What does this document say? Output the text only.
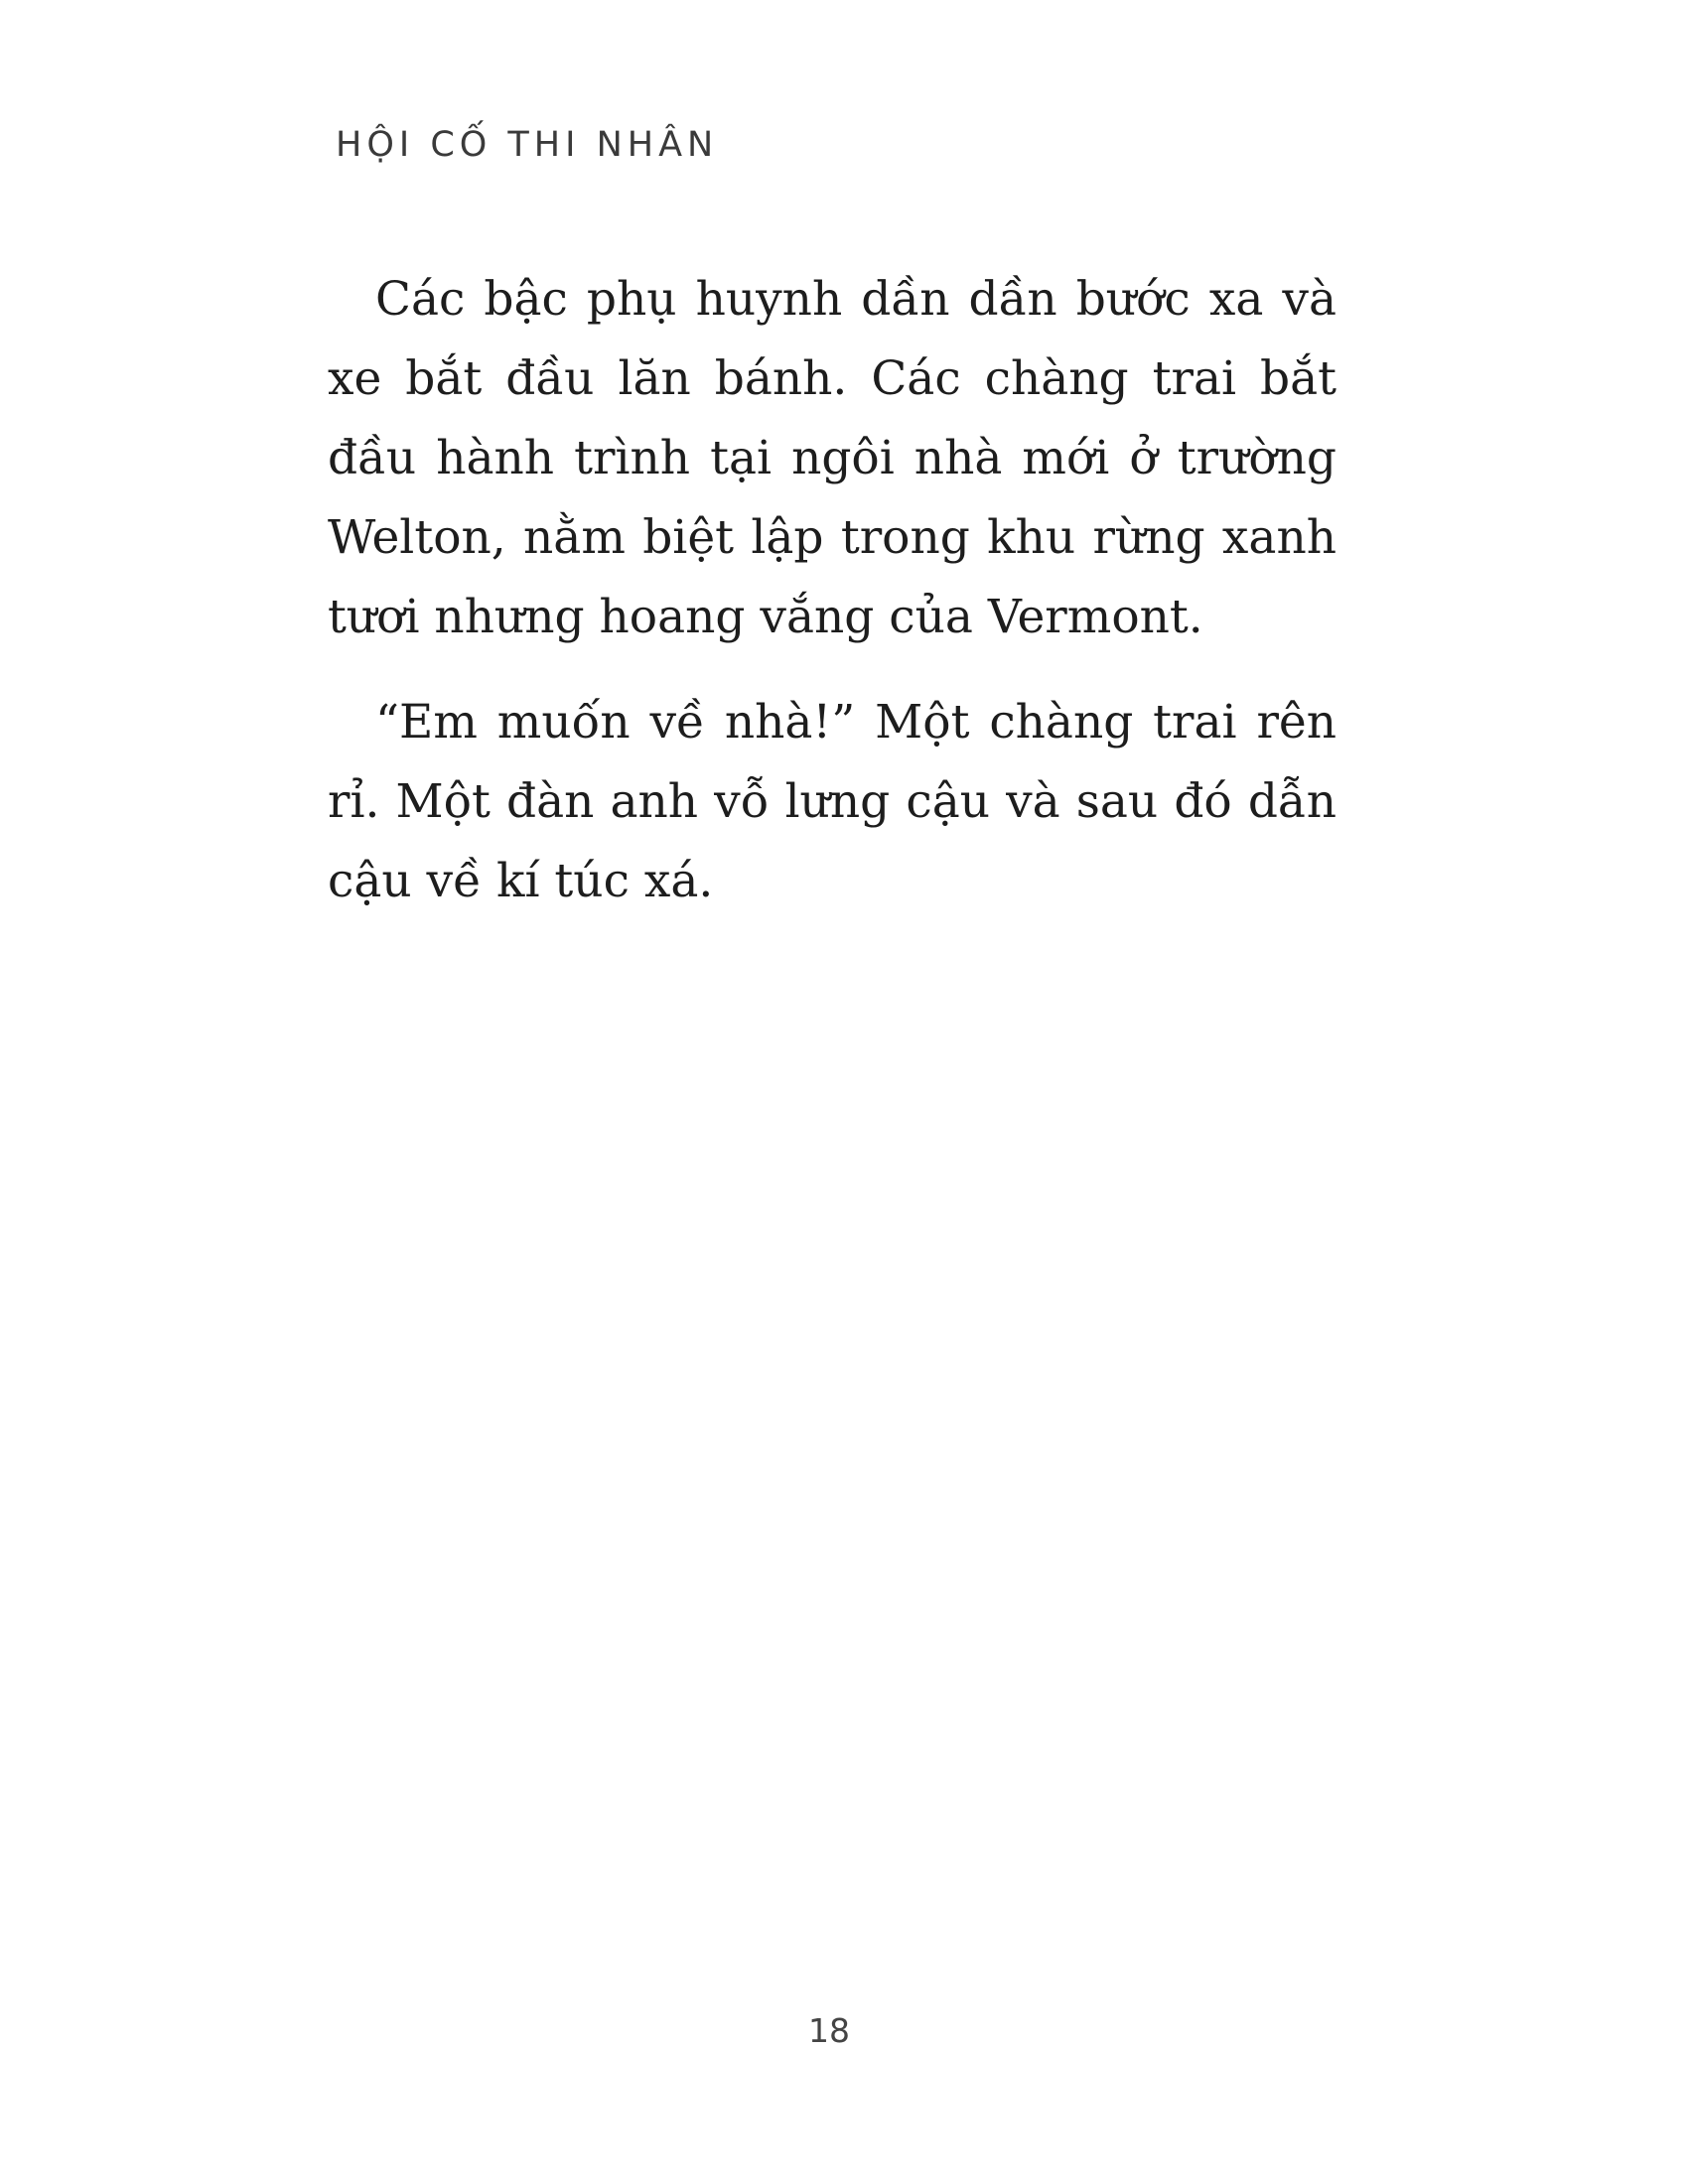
HỘI CỐ THI NHÂN

Các bậc phụ huynh dần dần bước xa và xe bắt đầu lăn bánh. Các chàng trai bắt đầu hành trình tại ngôi nhà mới ở trường Welton, nằm biệt lập trong khu rừng xanh tươi nhưng hoang vắng của Vermont.

“Em muốn về nhà!” Một chàng trai rên rỉ. Một đàn anh vỗ lưng cậu và sau đó dẫn cậu về kí túc xá.

18
